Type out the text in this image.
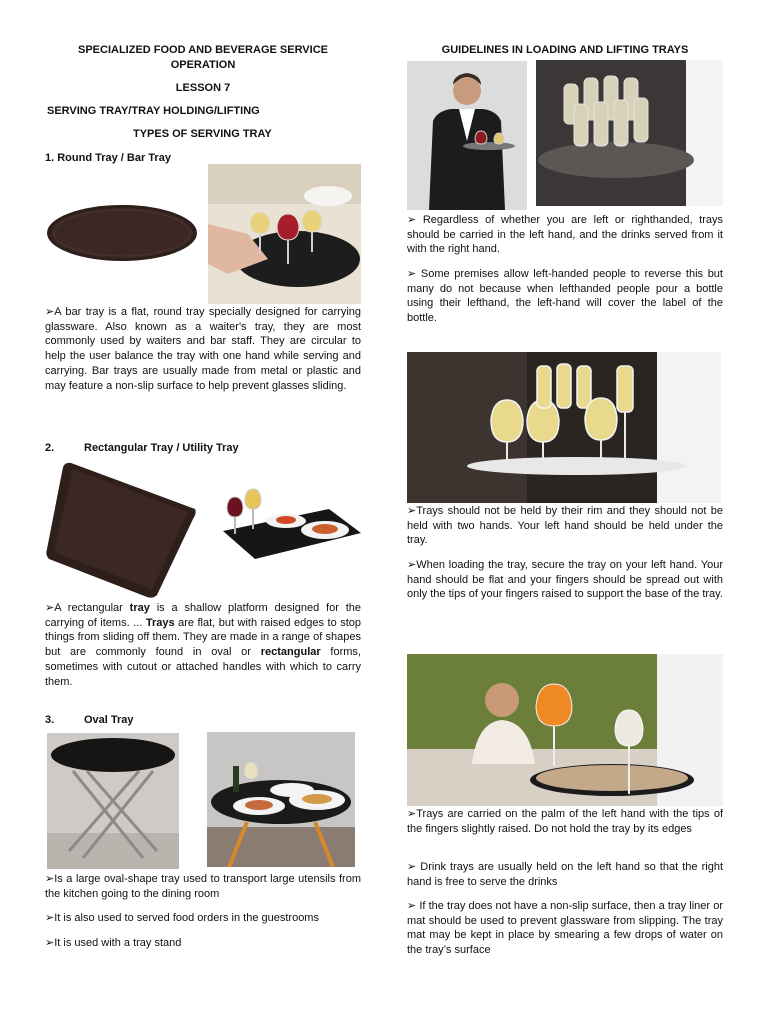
SPECIALIZED FOOD AND BEVERAGE SERVICE
OPERATION
LESSON 7
SERVING TRAY/TRAY HOLDING/LIFTING
TYPES OF SERVING TRAY
1. Round Tray / Bar Tray
➢A bar tray is a flat, round tray specially designed for carrying glassware. Also known as a waiter's tray, they are most commonly used by waiters and bar staff. They are circular to help the user balance the tray with one hand while serving and carrying. Bar trays are usually made from metal or plastic and may feature a non-slip surface to help prevent glasses sliding.
2.	Rectangular Tray / Utility Tray
➢A rectangular tray is a shallow platform designed for the carrying of items. ... Trays are flat, but with raised edges to stop things from sliding off them. They are made in a range of shapes but are commonly found in oval or rectangular forms, sometimes with cutout or attached handles with which to carry them.
3.	Oval Tray
➢Is a large oval-shape tray used to transport large utensils from the kitchen going to the dining room
➢It is also used to served food orders in the guestrooms
➢It is used with a tray stand
GUIDELINES IN LOADING AND LIFTING TRAYS
➢ Regardless of whether you are left or righthanded, trays should be carried in the left hand, and the drinks served from it with the right hand.
➢ Some premises allow left-handed people to reverse this but many do not because when lefthanded people pour a bottle using their lefthand, the left-hand will cover the label of the bottle.
➢Trays should not be held by their rim and they should not be held with two hands. Your left hand should be held under the tray.
➢When loading the tray, secure the tray on your left hand. Your hand should be flat and your fingers should be spread out with only the tips of your fingers raised to support the base of the tray.
➢Trays are carried on the palm of the left hand with the tips of the fingers slightly raised. Do not hold the tray by its edges
➢ Drink trays are usually held on the left hand so that the right hand is free to serve the drinks
➢ If the tray does not have a non-slip surface, then a tray liner or mat should be used to prevent glassware from slipping. The tray mat may be kept in place by smearing a few drops of water on the tray’s surface
